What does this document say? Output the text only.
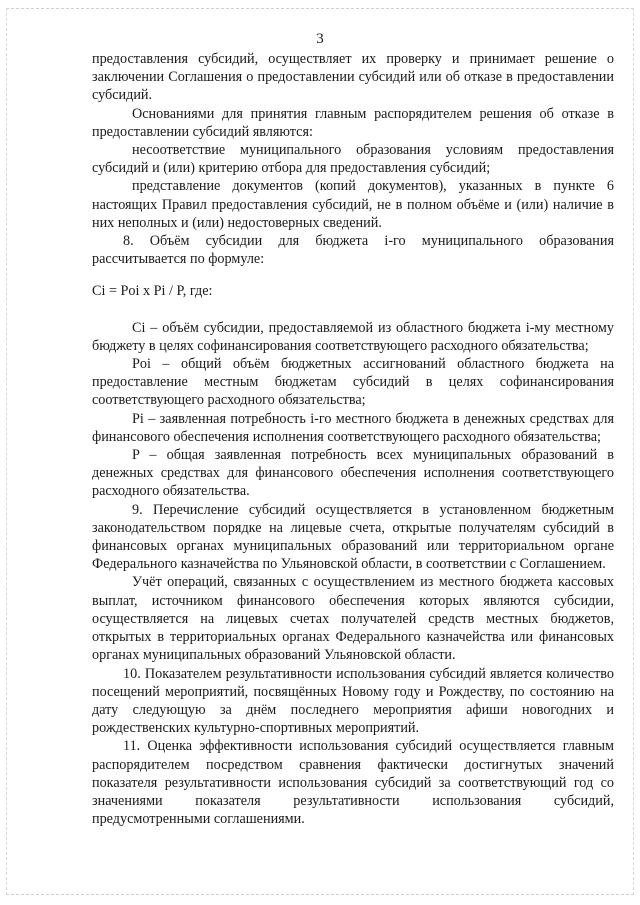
3

предоставления субсидий, осуществляет их проверку и принимает решение о заключении Соглашения о предоставлении субсидий или об отказе в предоставлении субсидий.

Основаниями для принятия главным распорядителем решения об отказе в предоставлении субсидий являются:

несоответствие муниципального образования условиям предоставления субсидий и (или) критерию отбора для предоставления субсидий;

представление документов (копий документов), указанных в пункте 6 настоящих Правил предоставления субсидий, не в полном объёме и (или) наличие в них неполных и (или) недостоверных сведений.

8. Объём субсидии для бюджета i-го муниципального образования рассчитывается по формуле:

Ci = Poi x Pi / P, где:

Ci – объём субсидии, предоставляемой из областного бюджета i-му местному бюджету в целях софинансирования соответствующего расходного обязательства;

Poi – общий объём бюджетных ассигнований областного бюджета на предоставление местным бюджетам субсидий в целях софинансирования соответствующего расходного обязательства;

Pi – заявленная потребность i-го местного бюджета в денежных средствах для финансового обеспечения исполнения соответствующего расходного обязательства;

P – общая заявленная потребность всех муниципальных образований в денежных средствах для финансового обеспечения исполнения соответствующего расходного обязательства.

9. Перечисление субсидий осуществляется в установленном бюджетным законодательством порядке на лицевые счета, открытые получателям субсидий в финансовых органах муниципальных образований или территориальном органе Федерального казначейства по Ульяновской области, в соответствии с Соглашением.

Учёт операций, связанных с осуществлением из местного бюджета кассовых выплат, источником финансового обеспечения которых являются субсидии, осуществляется на лицевых счетах получателей средств местных бюджетов, открытых в территориальных органах Федерального казначейства или финансовых органах муниципальных образований Ульяновской области.

10. Показателем результативности использования субсидий является количество посещений мероприятий, посвящённых Новому году и Рождеству, по состоянию на дату следующую за днём последнего мероприятия афиши новогодних и рождественских культурно-спортивных мероприятий.

11. Оценка эффективности использования субсидий осуществляется главным распорядителем посредством сравнения фактически достигнутых значений показателя результативности использования субсидий за соответствующий год со значениями показателя результативности использования субсидий, предусмотренными соглашениями.
